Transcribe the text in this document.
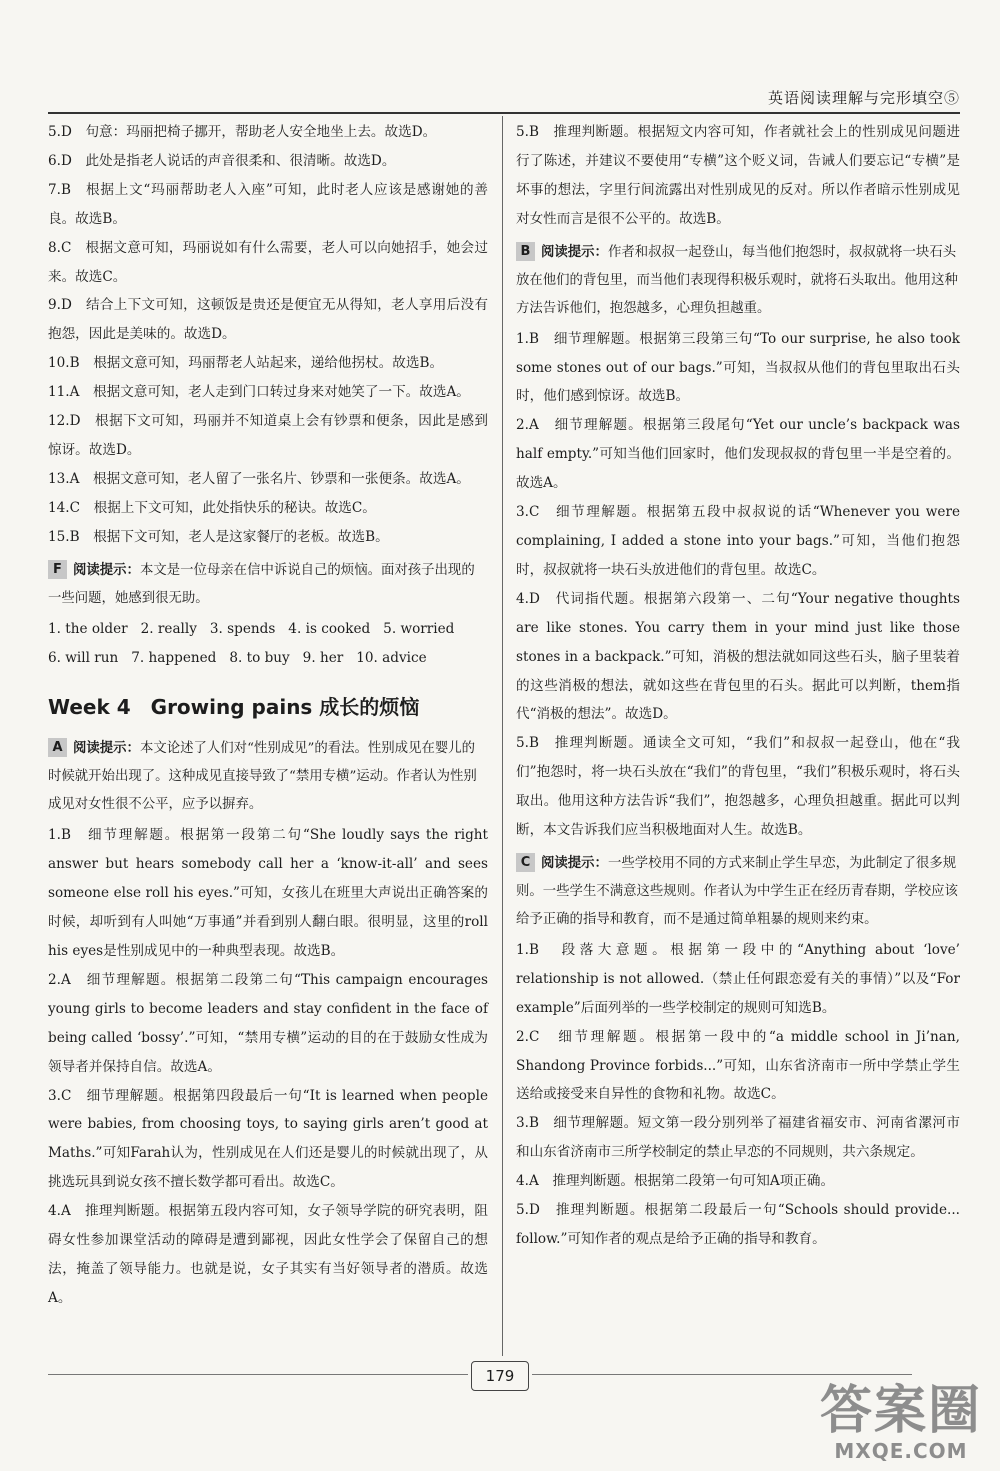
英语阅读理解与完形填空⑤

5.D　句意：玛丽把椅子挪开，帮助老人安全地坐上去。故选D。

6.D　此处是指老人说话的声音很柔和、很清晰。故选D。

7.B　根据上文“玛丽帮助老人入座”可知，此时老人应该是感谢她的善良。故选B。

8.C　根据文意可知，玛丽说如有什么需要，老人可以向她招手，她会过来。故选C。

9.D　结合上下文可知，这顿饭是贵还是便宜无从得知，老人享用后没有抱怨，因此是美味的。故选D。

10.B　根据文意可知，玛丽帮老人站起来，递给他拐杖。故选B。

11.A　根据文意可知，老人走到门口转过身来对她笑了一下。故选A。

12.D　根据下文可知，玛丽并不知道桌上会有钞票和便条，因此是感到惊讶。故选D。

13.A　根据文意可知，老人留了一张名片、钞票和一张便条。故选A。

14.C　根据上下文可知，此处指快乐的秘诀。故选C。

15.B　根据下文可知，老人是这家餐厅的老板。故选B。

F 阅读提示：本文是一位母亲在信中诉说自己的烦恼。面对孩子出现的一些问题，她感到很无助。

1. the older   2. really   3. spends   4. is cooked   5. worried

6. will run   7. happened   8. to buy   9. her   10. advice

Week 4　Growing pains 成长的烦恼
A 阅读提示：本文论述了人们对“性别成见”的看法。性别成见在婴儿的时候就开始出现了。这种成见直接导致了“禁用专横”运动。作者认为性别成见对女性很不公平，应予以摒弃。

1.B　细节理解题。根据第一段第二句“She loudly says the right answer but hears somebody call her a ‘know-it-all’ and sees someone else roll his eyes.”可知，女孩儿在班里大声说出正确答案的时候，却听到有人叫她“万事通”并看到别人翻白眼。很明显，这里的roll his eyes是性别成见中的一种典型表现。故选B。

2.A　细节理解题。根据第二段第二句“This campaign encourages young girls to become leaders and stay confident in the face of being called ‘bossy’.”可知，“禁用专横”运动的目的在于鼓励女性成为领导者并保持自信。故选A。

3.C　细节理解题。根据第四段最后一句“It is learned when people were babies, from choosing toys, to saying girls aren’t good at Maths.”可知Farah认为，性别成见在人们还是婴儿的时候就出现了，从挑选玩具到说女孩不擅长数学都可看出。故选C。

4.A　推理判断题。根据第五段内容可知，女子领导学院的研究表明，阻碍女性参加课堂活动的障碍是遭到鄙视，因此女性学会了保留自己的想法，掩盖了领导能力。也就是说，女子其实有当好领导者的潜质。故选A。

5.B　推理判断题。根据短文内容可知，作者就社会上的性别成见问题进行了陈述，并建议不要使用“专横”这个贬义词，告诫人们要忘记“专横”是坏事的想法，字里行间流露出对性别成见的反对。所以作者暗示性别成见对女性而言是很不公平的。故选B。

B 阅读提示：作者和叔叔一起登山，每当他们抱怨时，叔叔就将一块石头放在他们的背包里，而当他们表现得积极乐观时，就将石头取出。他用这种方法告诉他们，抱怨越多，心理负担越重。

1.B　细节理解题。根据第三段第三句“To our surprise, he also took some stones out of our bags.”可知，当叔叔从他们的背包里取出石头时，他们感到惊讶。故选B。

2.A　细节理解题。根据第三段尾句“Yet our uncle’s backpack was half empty.”可知当他们回家时，他们发现叔叔的背包里一半是空着的。故选A。

3.C　细节理解题。根据第五段中叔叔说的话“Whenever you were complaining, I added a stone into your bags.”可知，当他们抱怨时，叔叔就将一块石头放进他们的背包里。故选C。

4.D　代词指代题。根据第六段第一、二句“Your negative thoughts are like stones. You carry them in your mind just like those stones in a backpack.”可知，消极的想法就如同这些石头，脑子里装着的这些消极的想法，就如这些在背包里的石头。据此可以判断，them指代“消极的想法”。故选D。

5.B　推理判断题。通读全文可知，“我们”和叔叔一起登山，他在“我们”抱怨时，将一块石头放在“我们”的背包里，“我们”积极乐观时，将石头取出。他用这种方法告诉“我们”，抱怨越多，心理负担越重。据此可以判断，本文告诉我们应当积极地面对人生。故选B。

C 阅读提示：一些学校用不同的方式来制止学生早恋，为此制定了很多规则。一些学生不满意这些规则。作者认为中学生正在经历青春期，学校应该给予正确的指导和教育，而不是通过简单粗暴的规则来约束。

1.B　段落大意题。根据第一段中的“Anything about ‘love’ relationship is not allowed.（禁止任何跟恋爱有关的事情）”以及“For example”后面列举的一些学校制定的规则可知选B。

2.C　细节理解题。根据第一段中的“a middle school in Ji’nan, Shandong Province forbids...”可知，山东省济南市一所中学禁止学生送给或接受来自异性的食物和礼物。故选C。

3.B　细节理解题。短文第一段分别列举了福建省福安市、河南省漯河市和山东省济南市三所学校制定的禁止早恋的不同规则，共六条规定。

4.A　推理判断题。根据第二段第一句可知A项正确。

5.D　推理判断题。根据第二段最后一句“Schools should provide... follow.”可知作者的观点是给予正确的指导和教育。

179
答案圈
MXQE.COM
